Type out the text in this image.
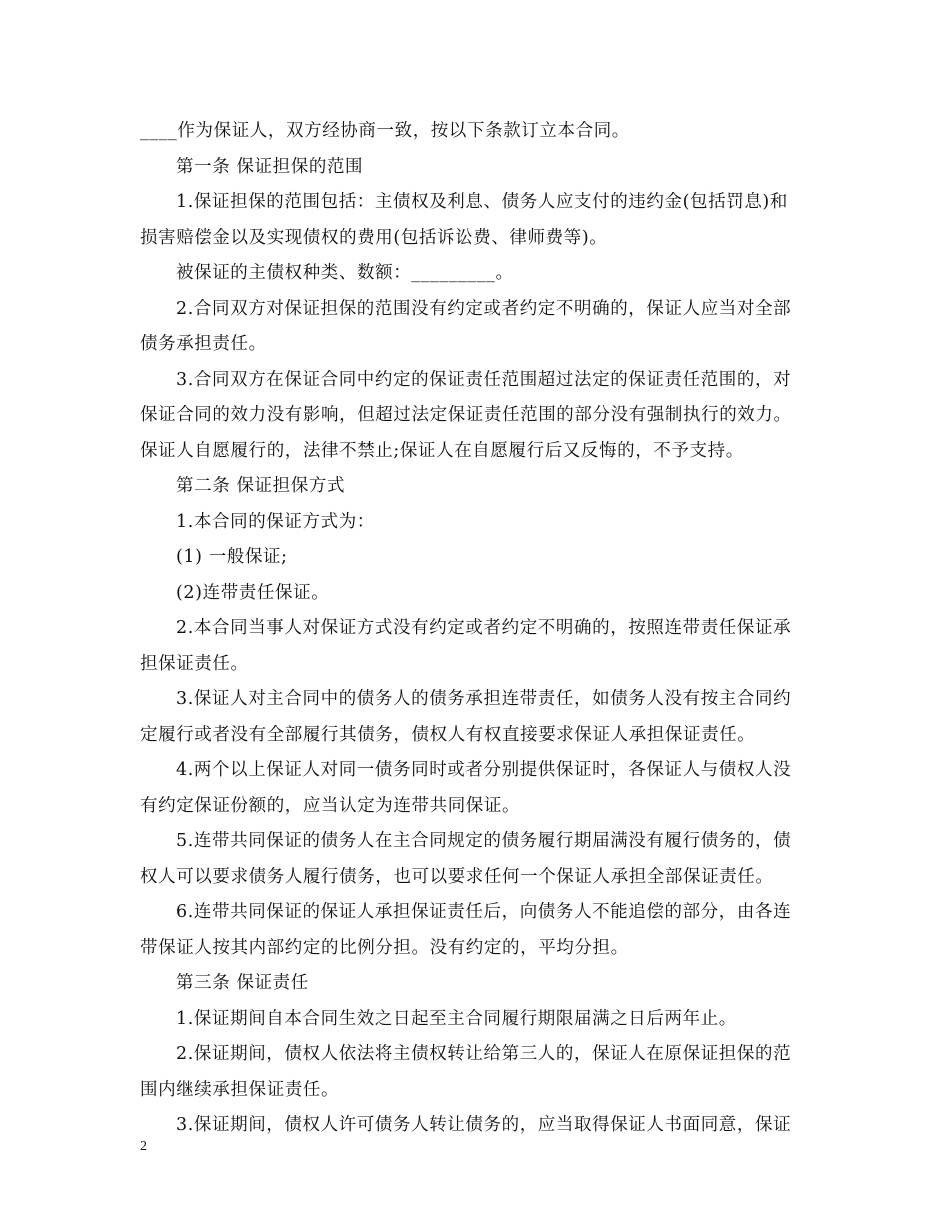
____作为保证人，双方经协商一致，按以下条款订立本合同。
第一条 保证担保的范围
1.保证担保的范围包括：主债权及利息、债务人应支付的违约金(包括罚息)和
损害赔偿金以及实现债权的费用(包括诉讼费、律师费等)。
被保证的主债权种类、数额：_________。
2.合同双方对保证担保的范围没有约定或者约定不明确的，保证人应当对全部
债务承担责任。
3.合同双方在保证合同中约定的保证责任范围超过法定的保证责任范围的，对
保证合同的效力没有影响，但超过法定保证责任范围的部分没有强制执行的效力。
保证人自愿履行的，法律不禁止;保证人在自愿履行后又反悔的，不予支持。
第二条 保证担保方式
1.本合同的保证方式为：
(1) 一般保证;
(2)连带责任保证。
2.本合同当事人对保证方式没有约定或者约定不明确的，按照连带责任保证承
担保证责任。
3.保证人对主合同中的债务人的债务承担连带责任，如债务人没有按主合同约
定履行或者没有全部履行其债务，债权人有权直接要求保证人承担保证责任。
4.两个以上保证人对同一债务同时或者分别提供保证时，各保证人与债权人没
有约定保证份额的，应当认定为连带共同保证。
5.连带共同保证的债务人在主合同规定的债务履行期届满没有履行债务的，债
权人可以要求债务人履行债务，也可以要求任何一个保证人承担全部保证责任。
6.连带共同保证的保证人承担保证责任后，向债务人不能追偿的部分，由各连
带保证人按其内部约定的比例分担。没有约定的，平均分担。
第三条 保证责任
1.保证期间自本合同生效之日起至主合同履行期限届满之日后两年止。
2.保证期间，债权人依法将主债权转让给第三人的，保证人在原保证担保的范
围内继续承担保证责任。
3.保证期间，债权人许可债务人转让债务的，应当取得保证人书面同意，保证
2
